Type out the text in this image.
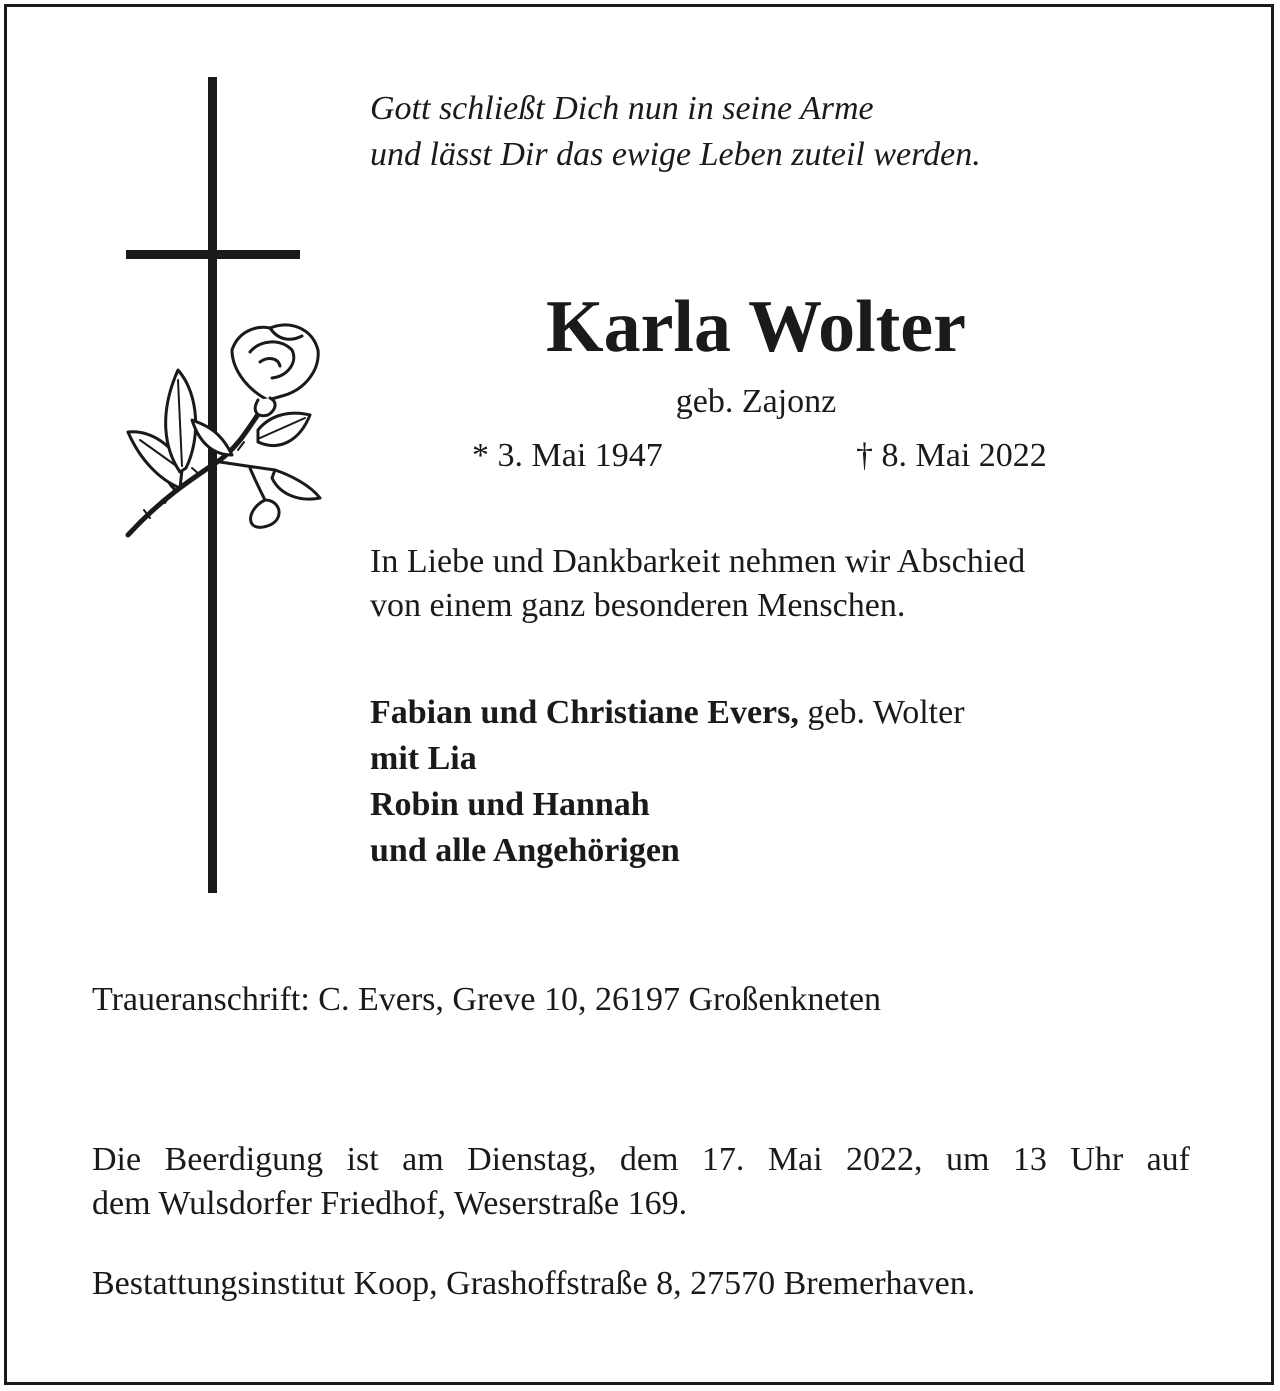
Gott schließt Dich nun in seine Arme
und lässt Dir das ewige Leben zuteil werden.
Karla Wolter
geb. Zajonz
* 3. Mai 1947	† 8. Mai 2022
In Liebe und Dankbarkeit nehmen wir Abschied
von einem ganz besonderen Menschen.
Fabian und Christiane Evers, geb. Wolter
mit Lia
Robin und Hannah
und alle Angehörigen
Traueranschrift: C. Evers, Greve 10, 26197 Großenkneten
Die Beerdigung ist am Dienstag, dem 17. Mai 2022, um 13 Uhr auf
dem Wulsdorfer Friedhof, Weserstraße 169.
Bestattungsinstitut Koop, Grashoffstraße 8, 27570 Bremerhaven.
